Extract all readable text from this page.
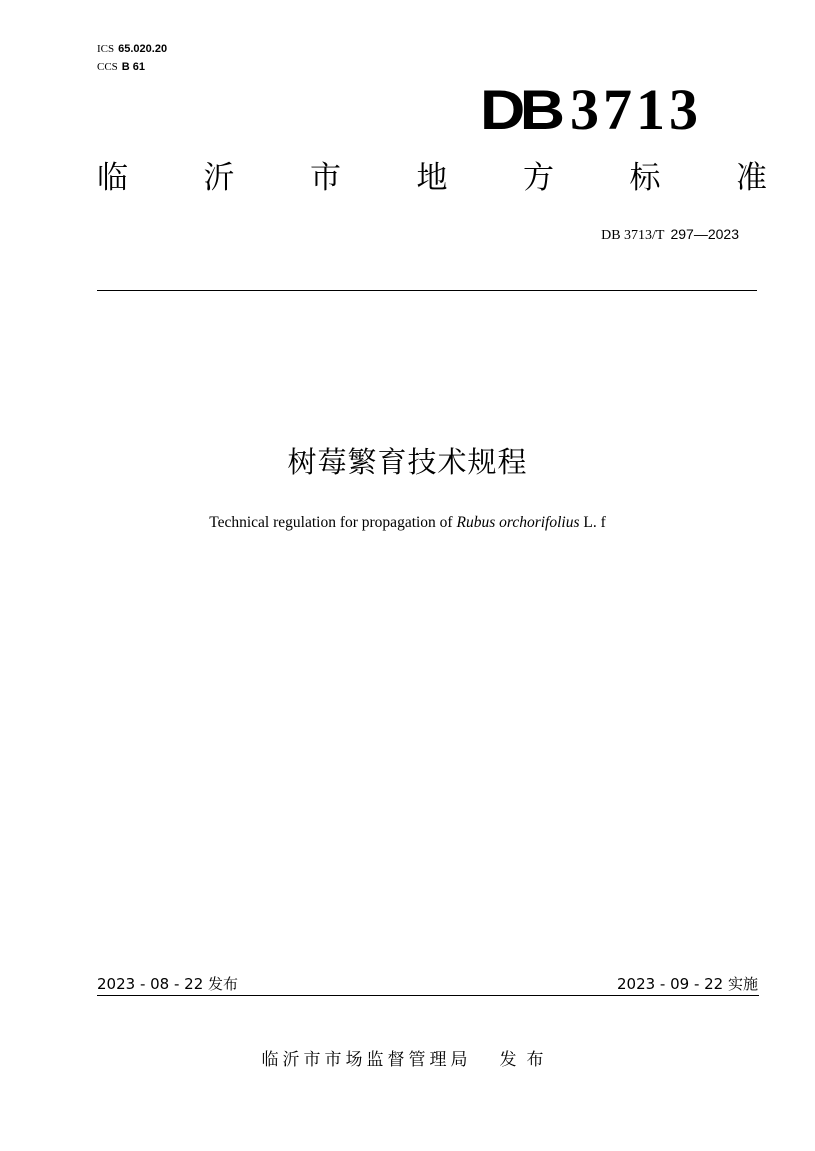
ICS 65.020.20
CCS B 61
DB 3713
临 沂 市 地 方 标 准
DB 3713/T 297—2023
树莓繁育技术规程
Technical regulation for propagation of Rubus orchorifolius L. f
2023 - 08 - 22 发布	2023 - 09 - 22 实施
临沂市市场监督管理局 发布
